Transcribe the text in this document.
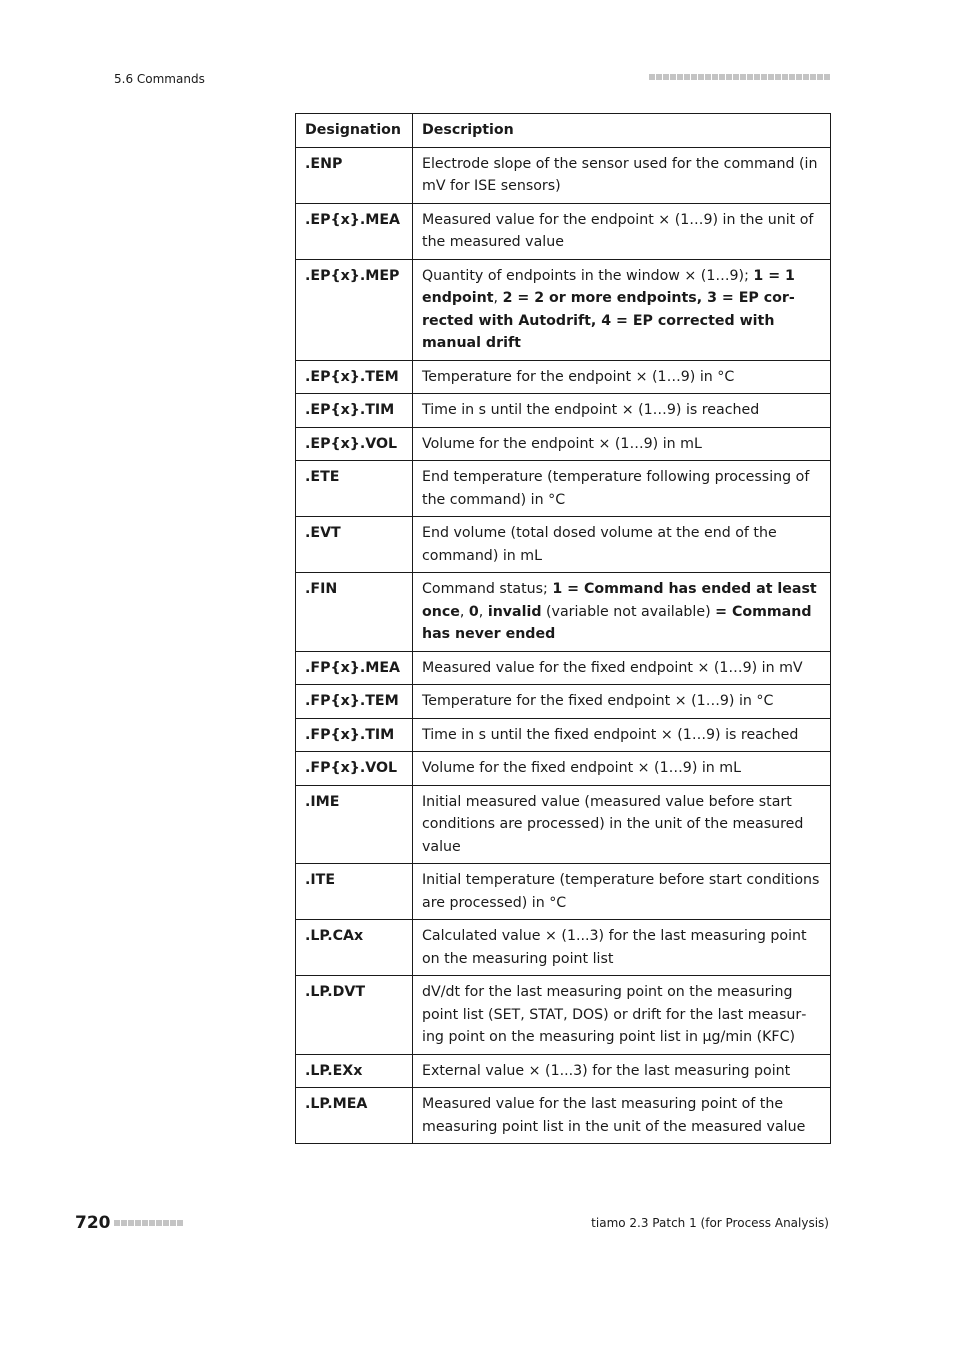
5.6 Commands
Designation	Description
.ENP	Electrode slope of the sensor used for the command (in mV for ISE sensors)
.EP{x}.MEA	Measured value for the endpoint × (1…9) in the unit of the measured value
.EP{x}.MEP	Quantity of endpoints in the window × (1…9); 1 = 1 endpoint, 2 = 2 or more endpoints, 3 = EP corrected with Autodrift, 4 = EP corrected with manual drift
.EP{x}.TEM	Temperature for the endpoint × (1…9) in °C
.EP{x}.TIM	Time in s until the endpoint × (1…9) is reached
.EP{x}.VOL	Volume for the endpoint × (1…9) in mL
.ETE	End temperature (temperature following processing of the command) in °C
.EVT	End volume (total dosed volume at the end of the command) in mL
.FIN	Command status; 1 = Command has ended at least once, 0, invalid (variable not available) = Command has never ended
.FP{x}.MEA	Measured value for the fixed endpoint × (1…9) in mV
.FP{x}.TEM	Temperature for the fixed endpoint × (1…9) in °C
.FP{x}.TIM	Time in s until the fixed endpoint × (1…9) is reached
.FP{x}.VOL	Volume for the fixed endpoint × (1…9) in mL
.IME	Initial measured value (measured value before start conditions are processed) in the unit of the measured value
.ITE	Initial temperature (temperature before start conditions are processed) in °C
.LP.CAx	Calculated value × (1...3) for the last measuring point on the measuring point list
.LP.DVT	dV/dt for the last measuring point on the measuring point list (SET, STAT, DOS) or drift for the last measuring point on the measuring point list in µg/min (KFC)
.LP.EXx	External value × (1...3) for the last measuring point
.LP.MEA	Measured value for the last measuring point of the measuring point list in the unit of the measured value
720	tiamo 2.3 Patch 1 (for Process Analysis)
